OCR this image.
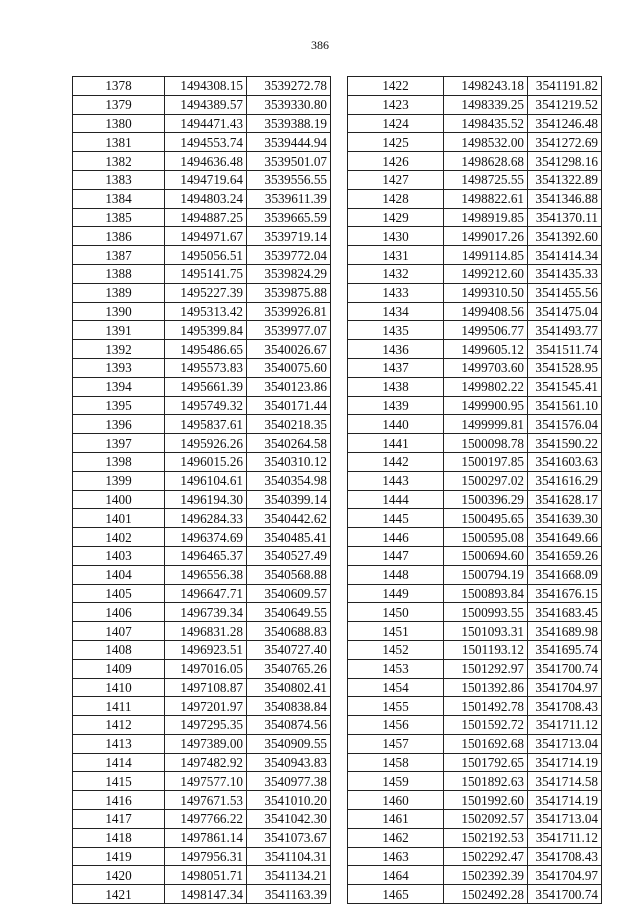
386
1378	1494308.15	3539272.78
1379	1494389.57	3539330.80
1380	1494471.43	3539388.19
1381	1494553.74	3539444.94
1382	1494636.48	3539501.07
1383	1494719.64	3539556.55
1384	1494803.24	3539611.39
1385	1494887.25	3539665.59
1386	1494971.67	3539719.14
1387	1495056.51	3539772.04
1388	1495141.75	3539824.29
1389	1495227.39	3539875.88
1390	1495313.42	3539926.81
1391	1495399.84	3539977.07
1392	1495486.65	3540026.67
1393	1495573.83	3540075.60
1394	1495661.39	3540123.86
1395	1495749.32	3540171.44
1396	1495837.61	3540218.35
1397	1495926.26	3540264.58
1398	1496015.26	3540310.12
1399	1496104.61	3540354.98
1400	1496194.30	3540399.14
1401	1496284.33	3540442.62
1402	1496374.69	3540485.41
1403	1496465.37	3540527.49
1404	1496556.38	3540568.88
1405	1496647.71	3540609.57
1406	1496739.34	3540649.55
1407	1496831.28	3540688.83
1408	1496923.51	3540727.40
1409	1497016.05	3540765.26
1410	1497108.87	3540802.41
1411	1497201.97	3540838.84
1412	1497295.35	3540874.56
1413	1497389.00	3540909.55
1414	1497482.92	3540943.83
1415	1497577.10	3540977.38
1416	1497671.53	3541010.20
1417	1497766.22	3541042.30
1418	1497861.14	3541073.67
1419	1497956.31	3541104.31
1420	1498051.71	3541134.21
1421	1498147.34	3541163.39
1422	1498243.18	3541191.82
1423	1498339.25	3541219.52
1424	1498435.52	3541246.48
1425	1498532.00	3541272.69
1426	1498628.68	3541298.16
1427	1498725.55	3541322.89
1428	1498822.61	3541346.88
1429	1498919.85	3541370.11
1430	1499017.26	3541392.60
1431	1499114.85	3541414.34
1432	1499212.60	3541435.33
1433	1499310.50	3541455.56
1434	1499408.56	3541475.04
1435	1499506.77	3541493.77
1436	1499605.12	3541511.74
1437	1499703.60	3541528.95
1438	1499802.22	3541545.41
1439	1499900.95	3541561.10
1440	1499999.81	3541576.04
1441	1500098.78	3541590.22
1442	1500197.85	3541603.63
1443	1500297.02	3541616.29
1444	1500396.29	3541628.17
1445	1500495.65	3541639.30
1446	1500595.08	3541649.66
1447	1500694.60	3541659.26
1448	1500794.19	3541668.09
1449	1500893.84	3541676.15
1450	1500993.55	3541683.45
1451	1501093.31	3541689.98
1452	1501193.12	3541695.74
1453	1501292.97	3541700.74
1454	1501392.86	3541704.97
1455	1501492.78	3541708.43
1456	1501592.72	3541711.12
1457	1501692.68	3541713.04
1458	1501792.65	3541714.19
1459	1501892.63	3541714.58
1460	1501992.60	3541714.19
1461	1502092.57	3541713.04
1462	1502192.53	3541711.12
1463	1502292.47	3541708.43
1464	1502392.39	3541704.97
1465	1502492.28	3541700.74
